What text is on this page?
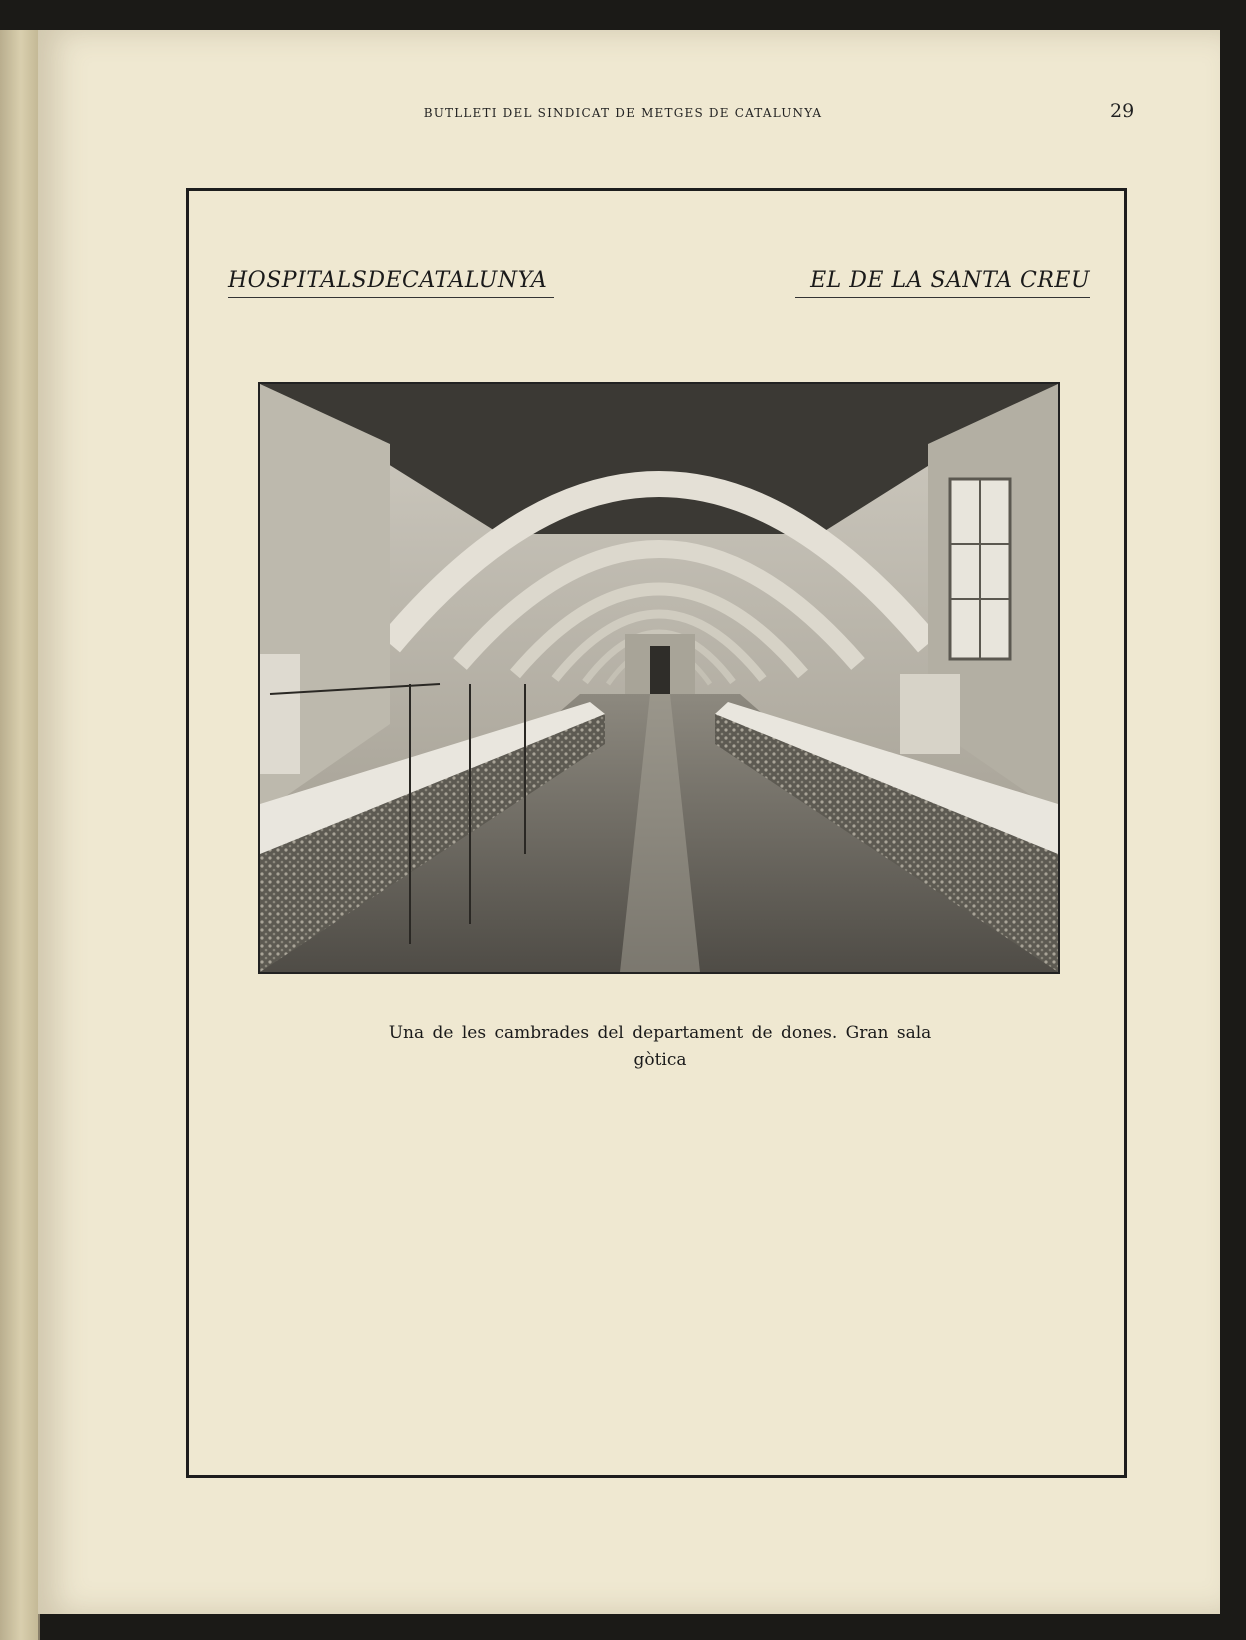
BUTLLETI DEL SINDICAT DE METGES DE CATALUNYA	29
HOSPITALSDECATALUNYA	EL DE LA SANTA CREU
Una de les cambrades del departament de dones. Gran sala
gòtica
